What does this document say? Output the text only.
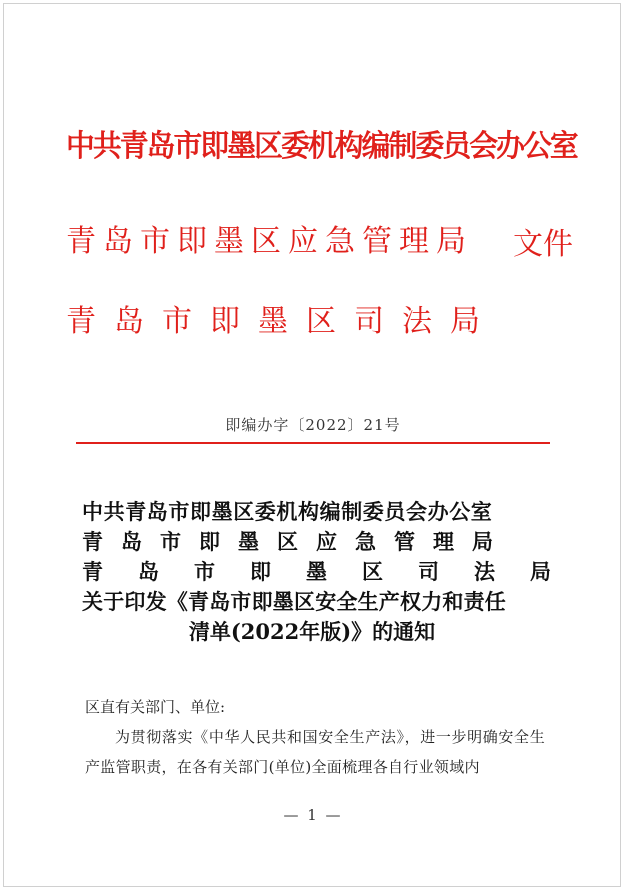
中共青岛市即墨区委机构编制委员会办公室
青岛市即墨区应急管理局
青岛市即墨区司法局
文件
即编办字〔2022〕21号
中共青岛市即墨区委机构编制委员会办公室
青岛市即墨区应急管理局
青岛市即墨区司法局
关于印发《青岛市即墨区安全生产权力和责任
清单(2022年版)》的通知
区直有关部门、单位:
为贯彻落实《中华人民共和国安全生产法》，进一步明确安全生产监管职责，在各有关部门(单位)全面梳理各自行业领域内
— 1 —
